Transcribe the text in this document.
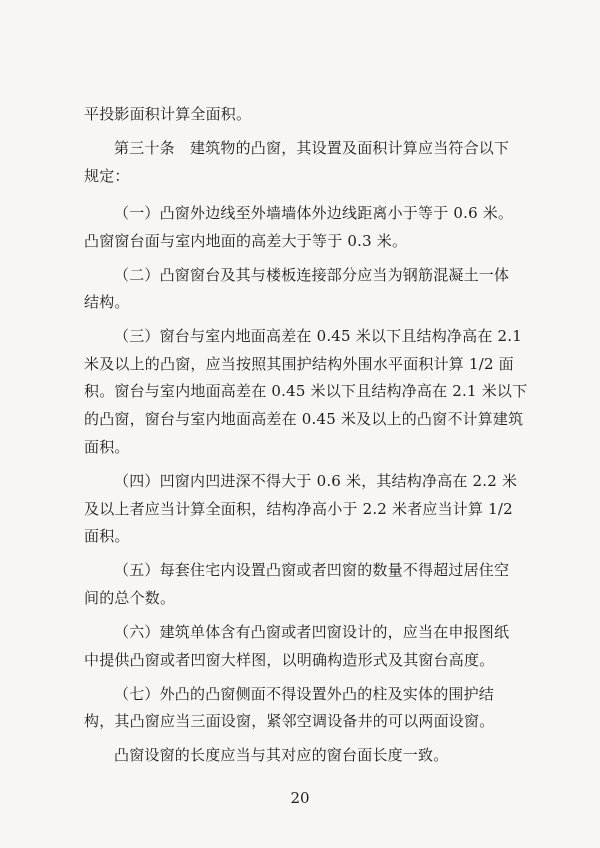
平投影面积计算全面积。
第三十条　建筑物的凸窗，其设置及面积计算应当符合以下
规定：
（一）凸窗外边线至外墙墙体外边线距离小于等于 0.6 米。
凸窗窗台面与室内地面的高差大于等于 0.3 米。
（二）凸窗窗台及其与楼板连接部分应当为钢筋混凝土一体
结构。
（三）窗台与室内地面高差在 0.45 米以下且结构净高在 2.1
米及以上的凸窗，应当按照其围护结构外围水平面积计算 1/2 面
积。窗台与室内地面高差在 0.45 米以下且结构净高在 2.1 米以下
的凸窗，窗台与室内地面高差在 0.45 米及以上的凸窗不计算建筑
面积。
（四）凹窗内凹进深不得大于 0.6 米，其结构净高在 2.2 米
及以上者应当计算全面积，结构净高小于 2.2 米者应当计算 1/2
面积。
（五）每套住宅内设置凸窗或者凹窗的数量不得超过居住空
间的总个数。
（六）建筑单体含有凸窗或者凹窗设计的，应当在申报图纸
中提供凸窗或者凹窗大样图，以明确构造形式及其窗台高度。
（七）外凸的凸窗侧面不得设置外凸的柱及实体的围护结
构，其凸窗应当三面设窗，紧邻空调设备井的可以两面设窗。
凸窗设窗的长度应当与其对应的窗台面长度一致。
20
